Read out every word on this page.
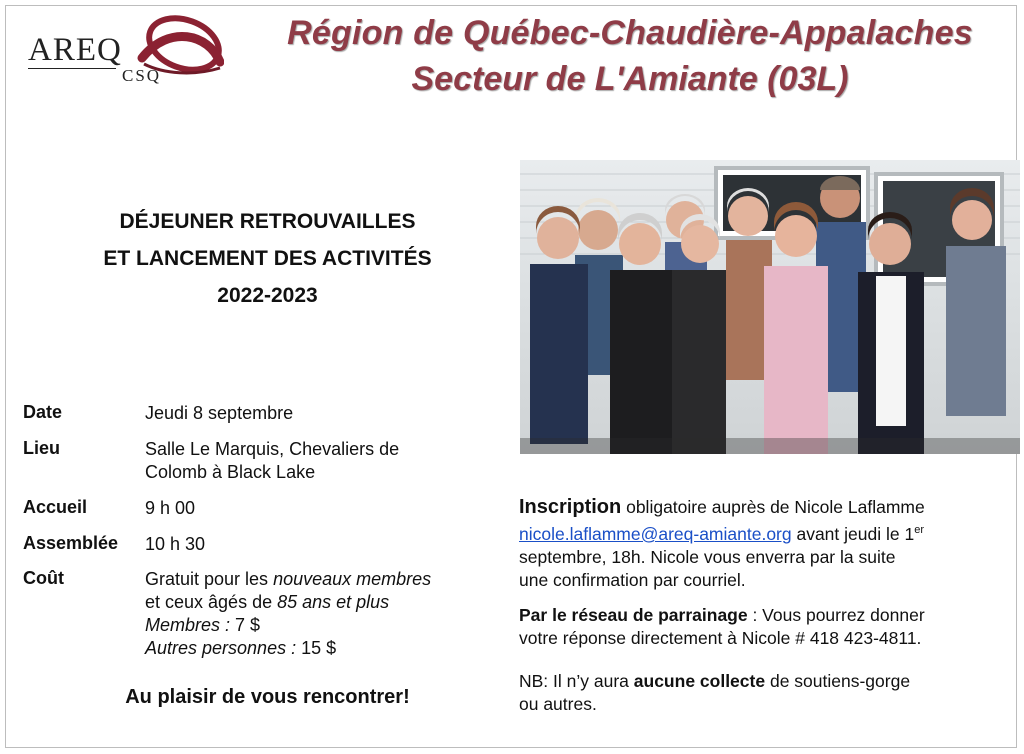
AREQ
CSQ
Région de Québec-Chaudière-Appalaches
Secteur de L'Amiante (03L)
DÉJEUNER RETROUVAILLES
ET LANCEMENT DES ACTIVITÉS
2022-2023
Date	Jeudi 8 septembre
Lieu	Salle Le Marquis, Chevaliers de
Colomb à Black Lake
Accueil	9 h 00
Assemblée 10 h 30
Coût	Gratuit pour les nouveaux membres
et ceux âgés de 85 ans et plus
Membres : 7 $
Autres personnes : 15 $
Au plaisir de vous rencontrer!
Inscription obligatoire auprès de Nicole Laflamme
nicole.laflamme@areq-amiante.org avant jeudi le 1er
septembre, 18h. Nicole vous enverra par la suite
une confirmation par courriel.
Par le réseau de parrainage : Vous pourrez donner
votre réponse directement à Nicole # 418 423-4811.
NB: Il n’y aura aucune collecte de soutiens-gorge
ou autres.
